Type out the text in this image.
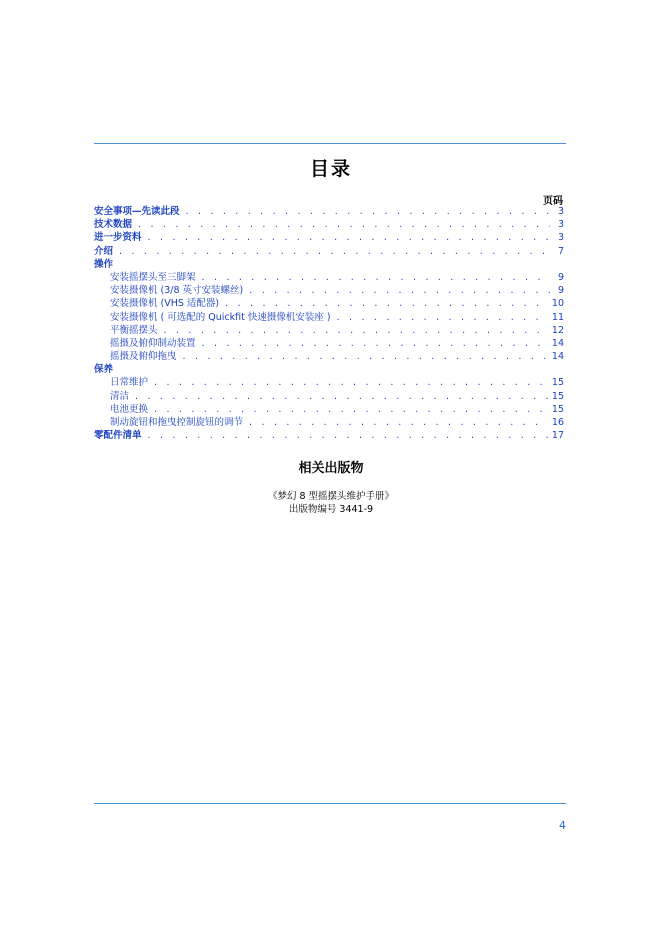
目录
页码
安全事项—先读此段 . . .	3
技术数据 . . .	3
进一步资料 . . .	3
介绍 . . .	7
操作
安装摇摆头至三脚架 . . .	9
安装摄像机 (3/8 英寸安装螺丝) . . .	9
安装摄像机 (VHS 适配器) . . .	10
安装摄像机 ( 可选配的 Quickfit 快速摄像机安装座 ) . . .	11
平衡摇摆头 . . .	12
摇摄及俯仰制动装置 . . .	14
摇摄及俯仰拖曳 . . .	14
保养
日常维护 . . .	15
清洁 . . .	15
电池更换 . . .	15
制动旋钮和拖曳控制旋钮的调节 . . .	16
零配件清单 . . .	17
相关出版物
《梦幻 8 型摇摆头维护手册》
出版物编号 3441-9
4
